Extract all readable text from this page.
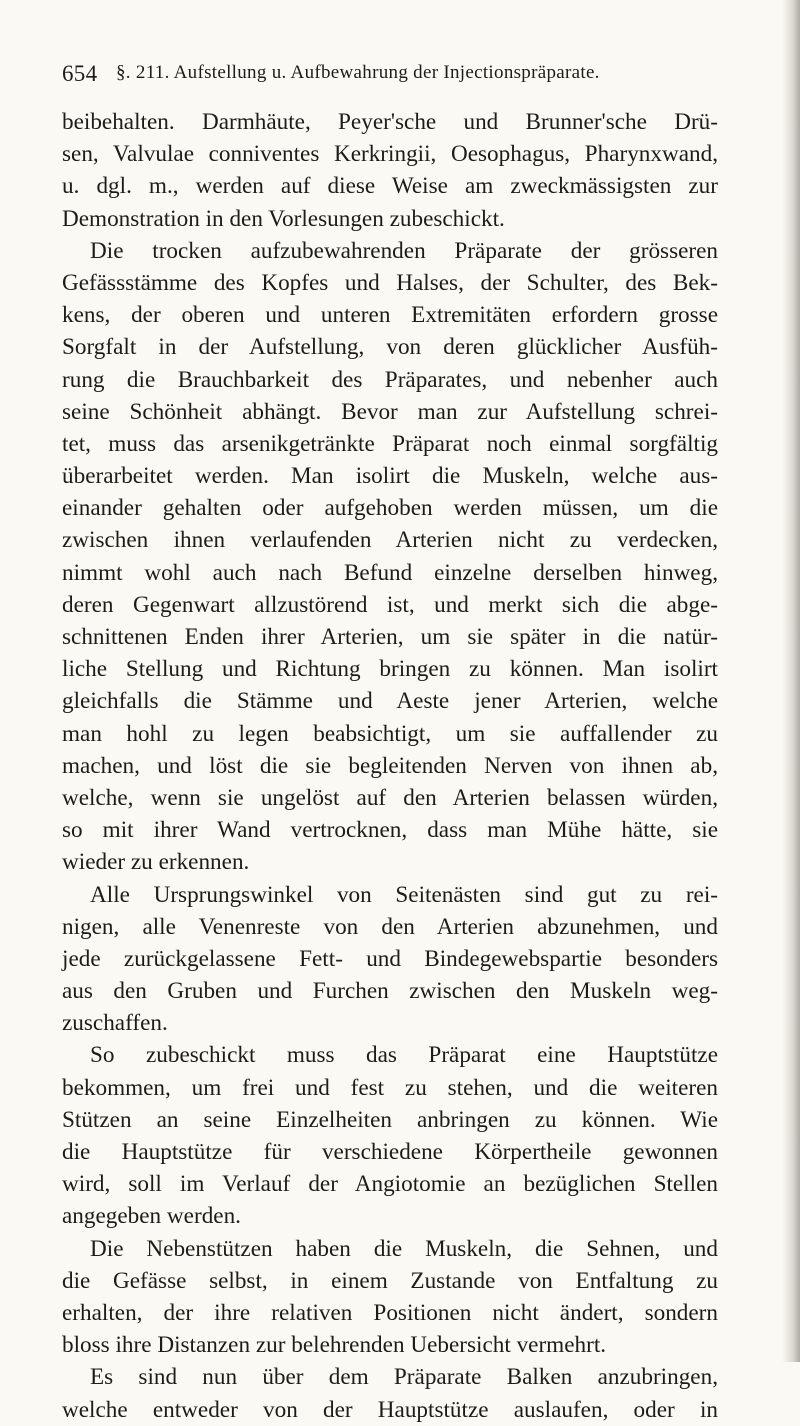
654 §. 211. Aufstellung u. Aufbewahrung der Injectionspräparate.
beibehalten. Darmhäute, Peyer'sche und Brunner'sche Drü-
sen, Valvulae conniventes Kerkringii, Oesophagus, Pharynxwand,
u. dgl. m., werden auf diese Weise am zweckmässigsten zur
Demonstration in den Vorlesungen zubeschickt.
Die trocken aufzubewahrenden Präparate der grösseren
Gefässstämme des Kopfes und Halses, der Schulter, des Bek-
kens, der oberen und unteren Extremitäten erfordern grosse
Sorgfalt in der Aufstellung, von deren glücklicher Ausfüh-
rung die Brauchbarkeit des Präparates, und nebenher auch
seine Schönheit abhängt. Bevor man zur Aufstellung schrei-
tet, muss das arsenikgetränkte Präparat noch einmal sorgfältig
überarbeitet werden. Man isolirt die Muskeln, welche aus-
einander gehalten oder aufgehoben werden müssen, um die
zwischen ihnen verlaufenden Arterien nicht zu verdecken,
nimmt wohl auch nach Befund einzelne derselben hinweg,
deren Gegenwart allzustörend ist, und merkt sich die abge-
schnittenen Enden ihrer Arterien, um sie später in die natür-
liche Stellung und Richtung bringen zu können. Man isolirt
gleichfalls die Stämme und Aeste jener Arterien, welche
man hohl zu legen beabsichtigt, um sie auffallender zu
machen, und löst die sie begleitenden Nerven von ihnen ab,
welche, wenn sie ungelöst auf den Arterien belassen würden,
so mit ihrer Wand vertrocknen, dass man Mühe hätte, sie
wieder zu erkennen.
Alle Ursprungswinkel von Seitenästen sind gut zu rei-
nigen, alle Venenreste von den Arterien abzunehmen, und
jede zurückgelassene Fett- und Bindegewebspartie besonders
aus den Gruben und Furchen zwischen den Muskeln weg-
zuschaffen.
So zubeschickt muss das Präparat eine Hauptstütze
bekommen, um frei und fest zu stehen, und die weiteren
Stützen an seine Einzelheiten anbringen zu können. Wie
die Hauptstütze für verschiedene Körpertheile gewonnen
wird, soll im Verlauf der Angiotomie an bezüglichen Stellen
angegeben werden.
Die Nebenstützen haben die Muskeln, die Sehnen, und
die Gefässe selbst, in einem Zustande von Entfaltung zu
erhalten, der ihre relativen Positionen nicht ändert, sondern
bloss ihre Distanzen zur belehrenden Uebersicht vermehrt.
Es sind nun über dem Präparate Balken anzubringen,
welche entweder von der Hauptstütze auslaufen, oder in
